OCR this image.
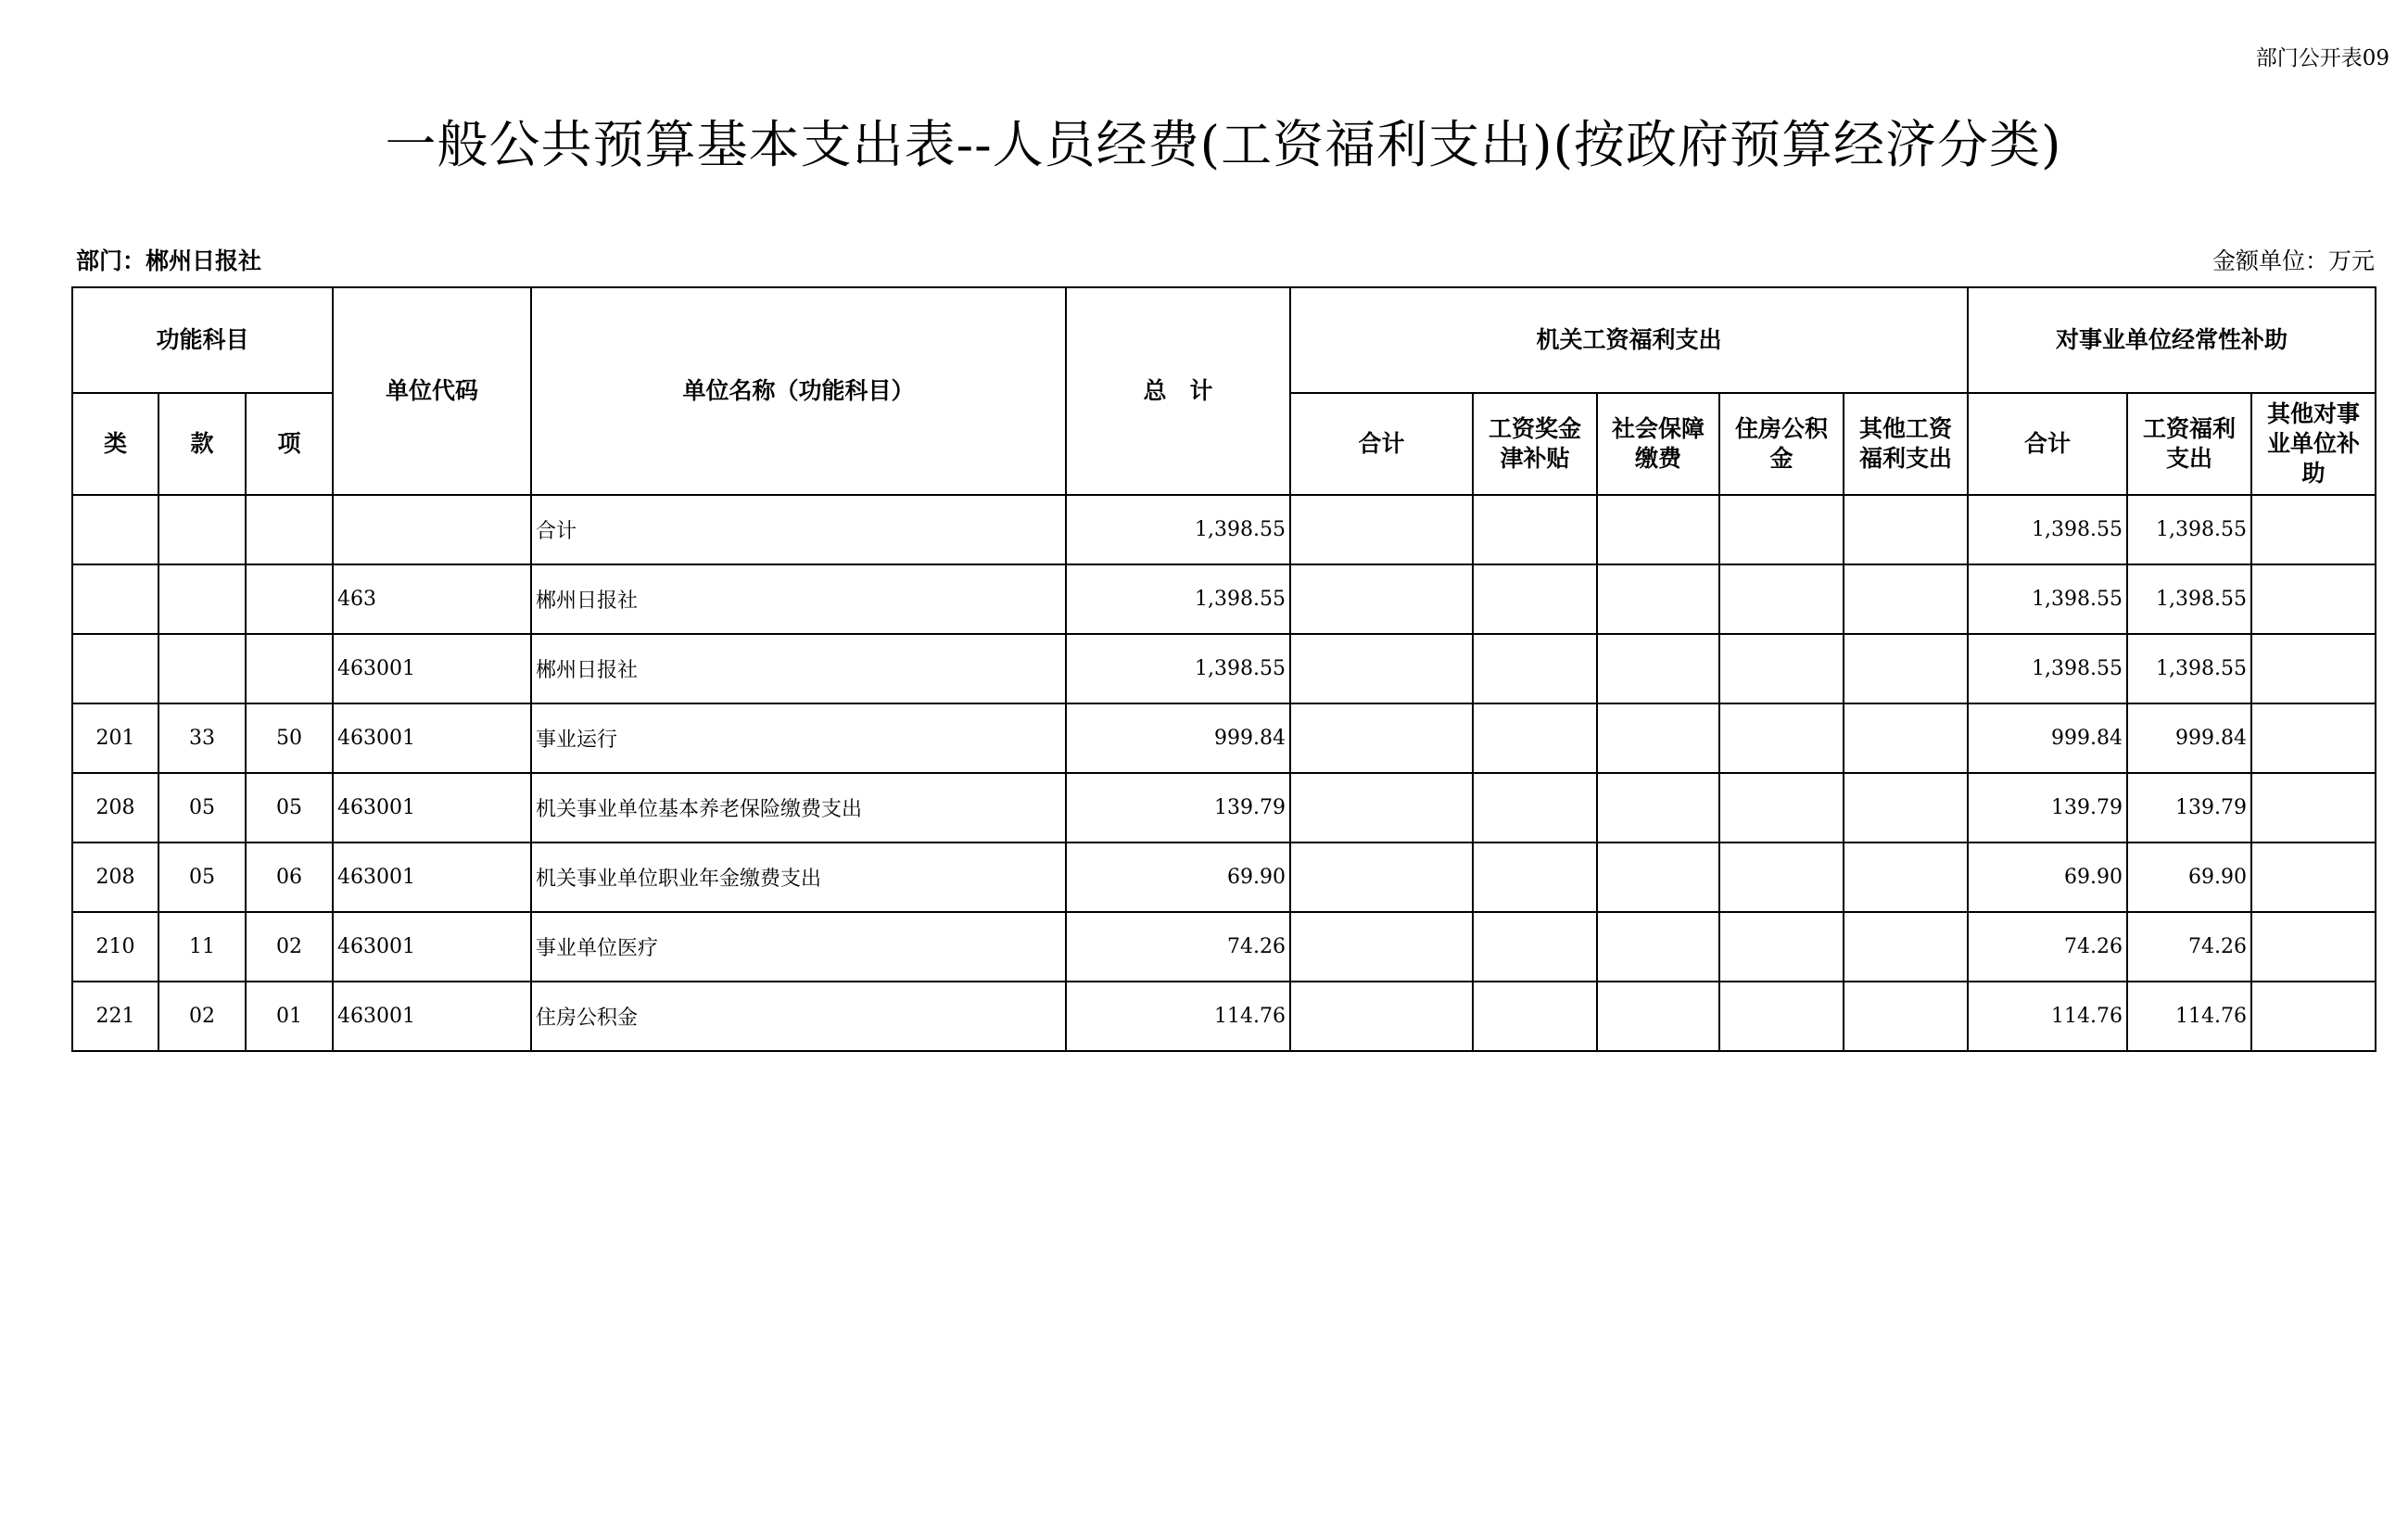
部门公开表09
一般公共预算基本支出表--人员经费(工资福利支出)(按政府预算经济分类)
部门：郴州日报社	金额单位：万元
功能科目			单位代码	单位名称（功能科目）	总　计	机关工资福利支出					对事业单位经常性补助		
类	款	项				合计	工资奖金津补贴	社会保障缴费	住房公积金	其他工资福利支出	合计	工资福利支出	其他对事业单位补助
				合计	1,398.55						1,398.55	1,398.55	
			463	郴州日报社	1,398.55						1,398.55	1,398.55	
			463001	郴州日报社	1,398.55						1,398.55	1,398.55	
201	33	50	463001	事业运行	999.84						999.84	999.84	
208	05	05	463001	机关事业单位基本养老保险缴费支出	139.79						139.79	139.79	
208	05	06	463001	机关事业单位职业年金缴费支出	69.90						69.90	69.90	
210	11	02	463001	事业单位医疗	74.26						74.26	74.26	
221	02	01	463001	住房公积金	114.76						114.76	114.76	
